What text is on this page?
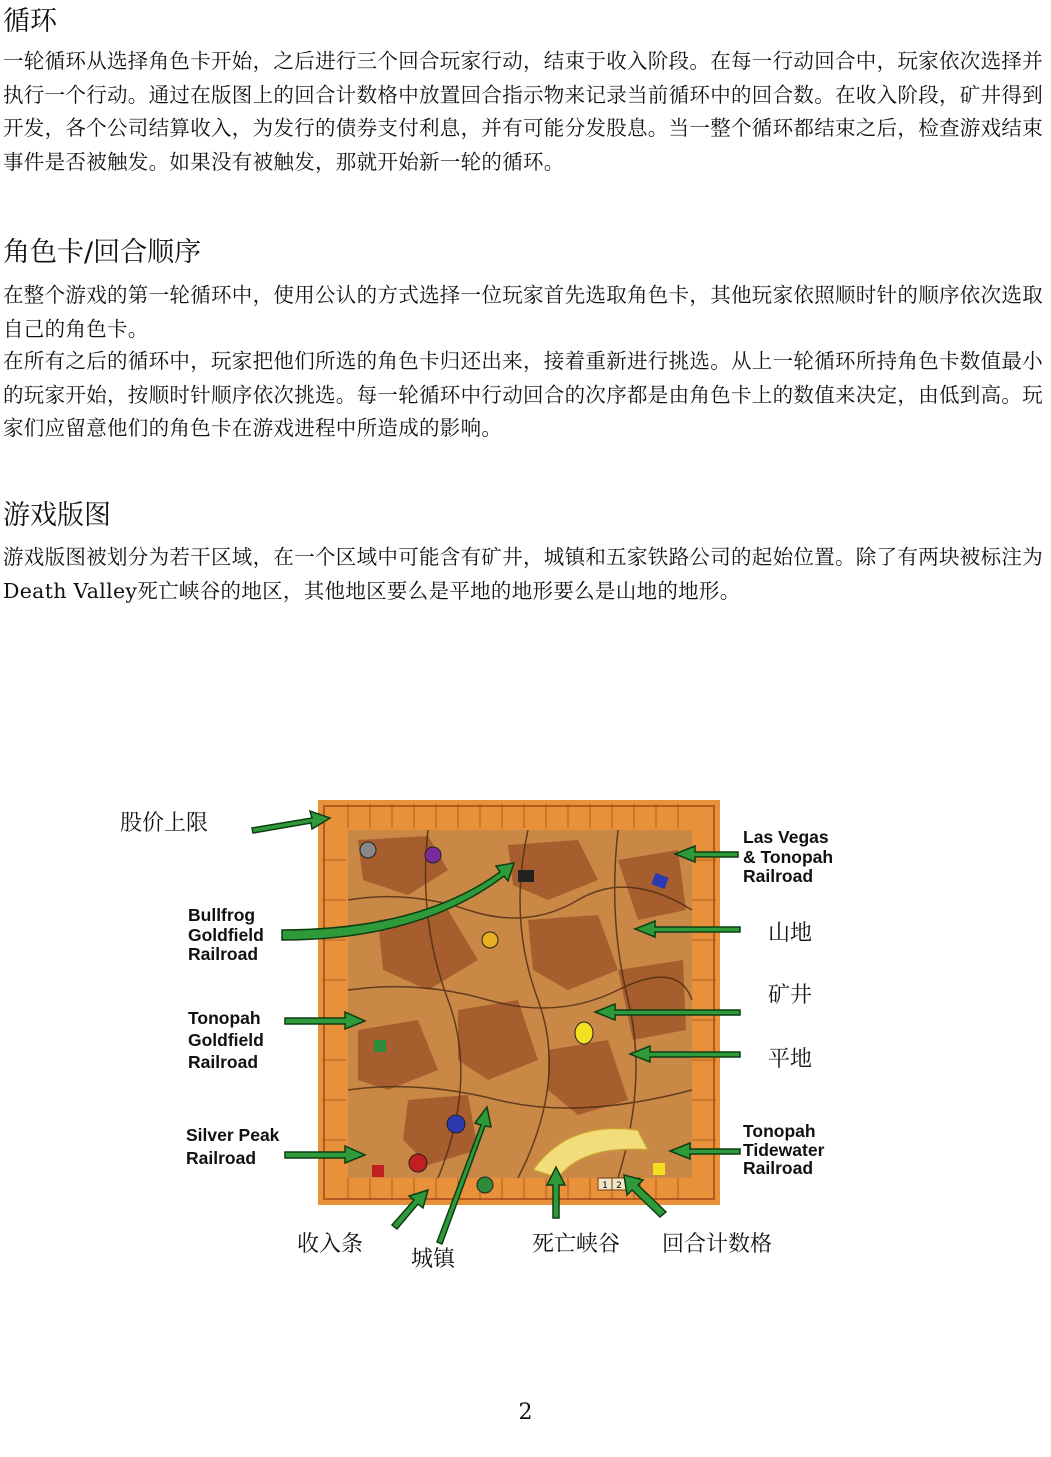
循环

一轮循环从选择角色卡开始，之后进行三个回合玩家行动，结束于收入阶段。在每一行动回合中，玩家依次选择并执行一个行动。通过在版图上的回合计数格中放置回合指示物来记录当前循环中的回合数。在收入阶段，矿井得到开发，各个公司结算收入，为发行的债券支付利息，并有可能分发股息。当一整个循环都结束之后，检查游戏结束事件是否被触发。如果没有被触发，那就开始新一轮的循环。

角色卡/回合顺序

在整个游戏的第一轮循环中，使用公认的方式选择一位玩家首先选取角色卡，其他玩家依照顺时针的顺序依次选取自己的角色卡。

在所有之后的循环中，玩家把他们所选的角色卡归还出来，接着重新进行挑选。从上一轮循环所持角色卡数值最小的玩家开始，按顺时针顺序依次挑选。每一轮循环中行动回合的次序都是由角色卡上的数值来决定，由低到高。玩家们应留意他们的角色卡在游戏进程中所造成的影响。

游戏版图

游戏版图被划分为若干区域，在一个区域中可能含有矿井，城镇和五家铁路公司的起始位置。除了有两块被标注为Death Valley死亡峡谷的地区，其他地区要么是平地的地形要么是山地的地形。

1 2
股价上限
山地
矿井
平地
收入条
城镇
死亡峡谷 回合计数格
Las Vegas
& Tonopah
Railroad
Bullfrog
Goldfield
Railroad
Tonopah
Goldfield
Railroad
Silver Peak
Railroad
Tonopah
Tidewater
Railroad
2
